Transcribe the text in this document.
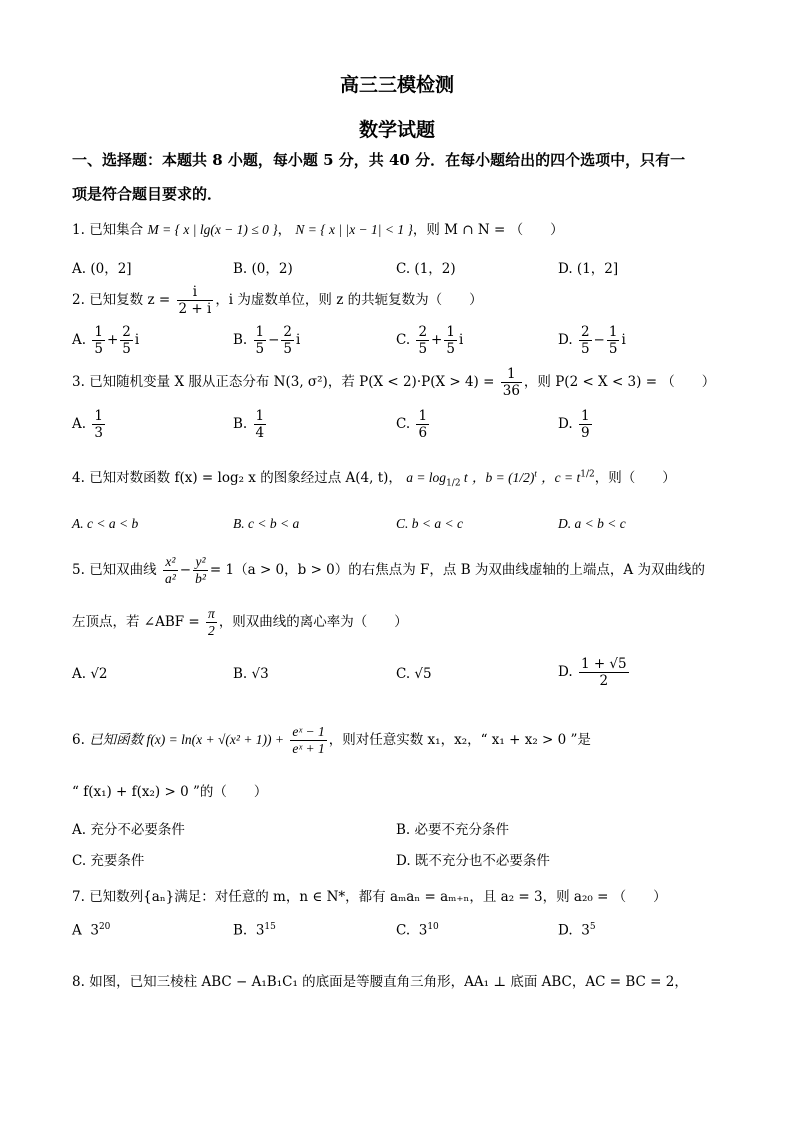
高三三模检测
数学试题
一、选择题：本题共 8 小题，每小题 5 分，共 40 分．在每小题给出的四个选项中，只有一
项是符合题目要求的．
1. 已知集合 M = { x | lg(x − 1) ≤ 0 }， N = { x | |x − 1| < 1 }，则 M ∩ N = （　　）
A. (0，2]	B. (0，2)	C. (1，2)	D. (1，2]
2. 已知复数 $z = \frac{i}{2 + i}$ ，i 为虚数单位，则 z 的共轭复数为（　　）
A. $\frac{1}{5} + \frac{2}{5}$ i	B. $\frac{1}{5} - \frac{2}{5}$ i	C. $\frac{2}{5} + \frac{1}{5}$ i	D. $\frac{2}{5} - \frac{1}{5}$ i
3. 已知随机变量 X 服从正态分布 N(3, σ²)，若 $P(X < 2)\cdot P(X > 4) = \frac{1}{36}$ ，则 P(2 < X < 3) = （　　）
A. $\frac{1}{3}$	B. $\frac{1}{4}$	C. $\frac{1}{6}$	D. $\frac{1}{9}$
4. 已知对数函数 f(x) = log₂ x 的图象经过点 A(4, t)， $a = \log_{1/2} t$ ，$b = (1/2)^t$ ，$c = t^{1/2}$，则（　　）
A. c < a < b	B. c < b < a	C. b < a < c	D. a < b < c
5. 已知双曲线 $\frac{\text{x²}}{\text{a²}} - \frac{\text{y²}}{\text{b²}} = 1(a > 0$，b > 0）的右焦点为 F，点 B 为双曲线虚轴的上端点，A 为双曲线的
左顶点，若 ∠ABF = $\frac{\pi}{2}$ ，则双曲线的离心率为（　　）
A. √2	B. √3	C. √5	D. $\frac{1 + √5}{2}$
6. 已知函数 $f(x) = \ln(x + √(x^2 + 1)) + \frac{\text{eˣ − 1}}{\text{eˣ + 1}}$ ，则对任意实数 x₁，x₂，“ x₁ + x₂ > 0 ”是
“ f(x₁) + f(x₂) > 0 ”的（　　）
A. 充分不必要条件	B. 必要不充分条件
C. 充要条件	D. 既不充分也不必要条件
7. 已知数列{aₙ}满足：对任意的 m，n ∈ N*，都有 aₘaₙ = aₘ₊ₙ，且 a₂ = 3，则 a₂₀ = （　　）
A $3^{20}$	B. $3^{15}$	C. $3^{10}$	D. $3^5$
8. 如图，已知三棱柱 ABC − A₁B₁C₁ 的底面是等腰直角三角形，AA₁ ⊥ 底面 ABC，AC = BC = 2，
